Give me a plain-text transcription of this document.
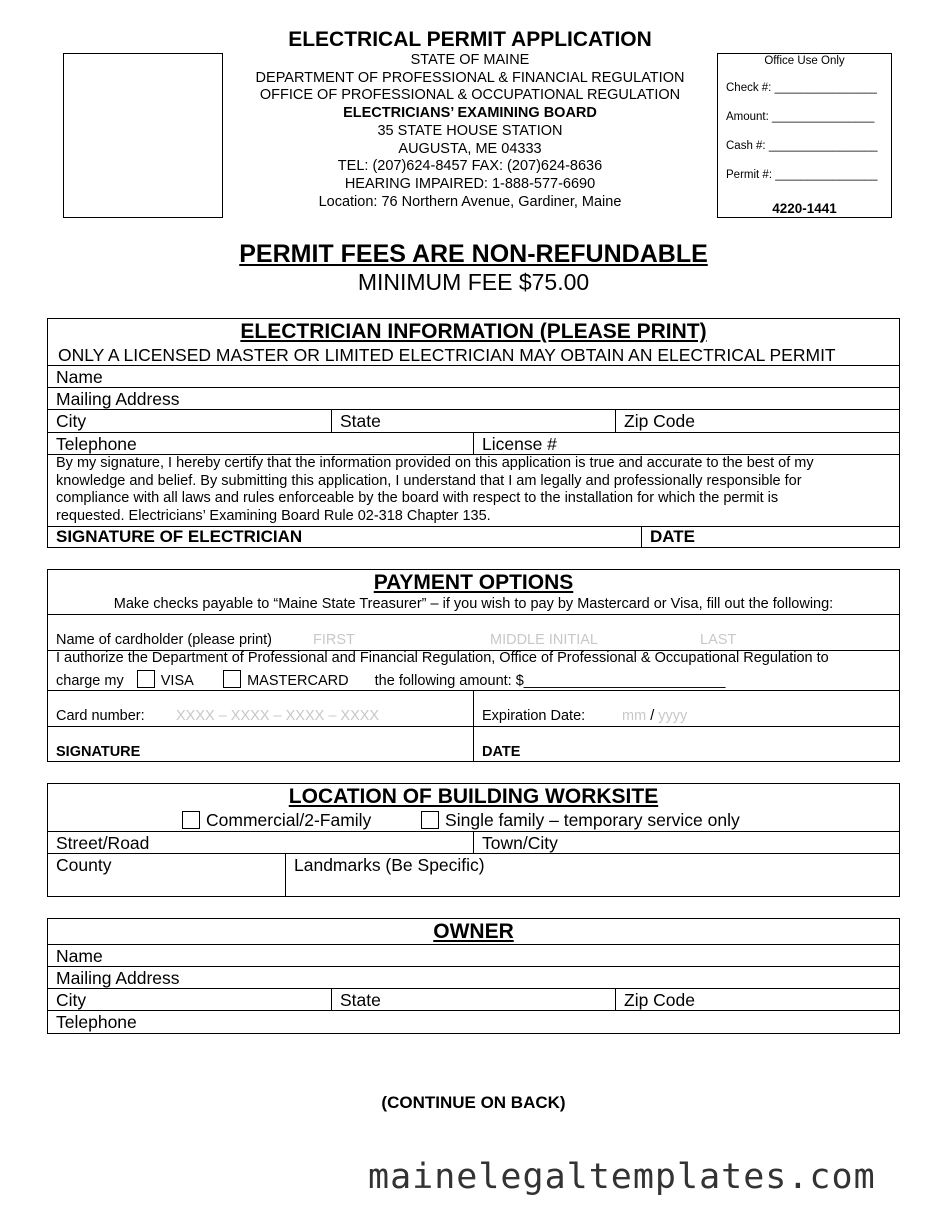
ELECTRICAL PERMIT APPLICATION
STATE OF MAINE
DEPARTMENT OF PROFESSIONAL & FINANCIAL REGULATION
OFFICE OF PROFESSIONAL & OCCUPATIONAL REGULATION
ELECTRICIANS’ EXAMINING BOARD
35 STATE HOUSE STATION
AUGUSTA, ME 04333
TEL: (207)624-8457 FAX: (207)624-8636
HEARING IMPAIRED: 1-888-577-6690
Location: 76 Northern Avenue, Gardiner, Maine
Office Use Only
Check #: ________________
Amount: ________________
Cash #: _________________
Permit #: ________________
4220-1441
PERMIT FEES ARE NON-REFUNDABLE
MINIMUM FEE $75.00
ELECTRICIAN INFORMATION (PLEASE PRINT)
ONLY A LICENSED MASTER OR LIMITED ELECTRICIAN MAY OBTAIN AN ELECTRICAL PERMIT
Name
Mailing Address
City	State	Zip Code
Telephone	License #
By my signature, I hereby certify that the information provided on this application is true and accurate to the best of my
knowledge and belief. By submitting this application, I understand that I am legally and professionally responsible for
compliance with all laws and rules enforceable by the board with respect to the installation for which the permit is
requested. Electricians’ Examining Board Rule 02-318 Chapter 135.
SIGNATURE OF ELECTRICIAN	DATE
PAYMENT OPTIONS
Make checks payable to “Maine State Treasurer” – if you wish to pay by Mastercard or Visa, fill out the following:
Name of cardholder (please print)	FIRST	MIDDLE INITIAL	LAST
I authorize the Department of Professional and Financial Regulation, Office of Professional & Occupational Regulation to
charge my	VISA	MASTERCARD the following amount: $_________________________
Card number: XXXX – XXXX – XXXX – XXXX	Expiration Date:	mm / yyyy
SIGNATURE	DATE
LOCATION OF BUILDING WORKSITE
Commercial/2-Family	Single family – temporary service only
Street/Road	Town/City
County	Landmarks (Be Specific)
OWNER
Name
Mailing Address
City	State	Zip Code
Telephone
(CONTINUE ON BACK)
mainelegaltemplates.com
